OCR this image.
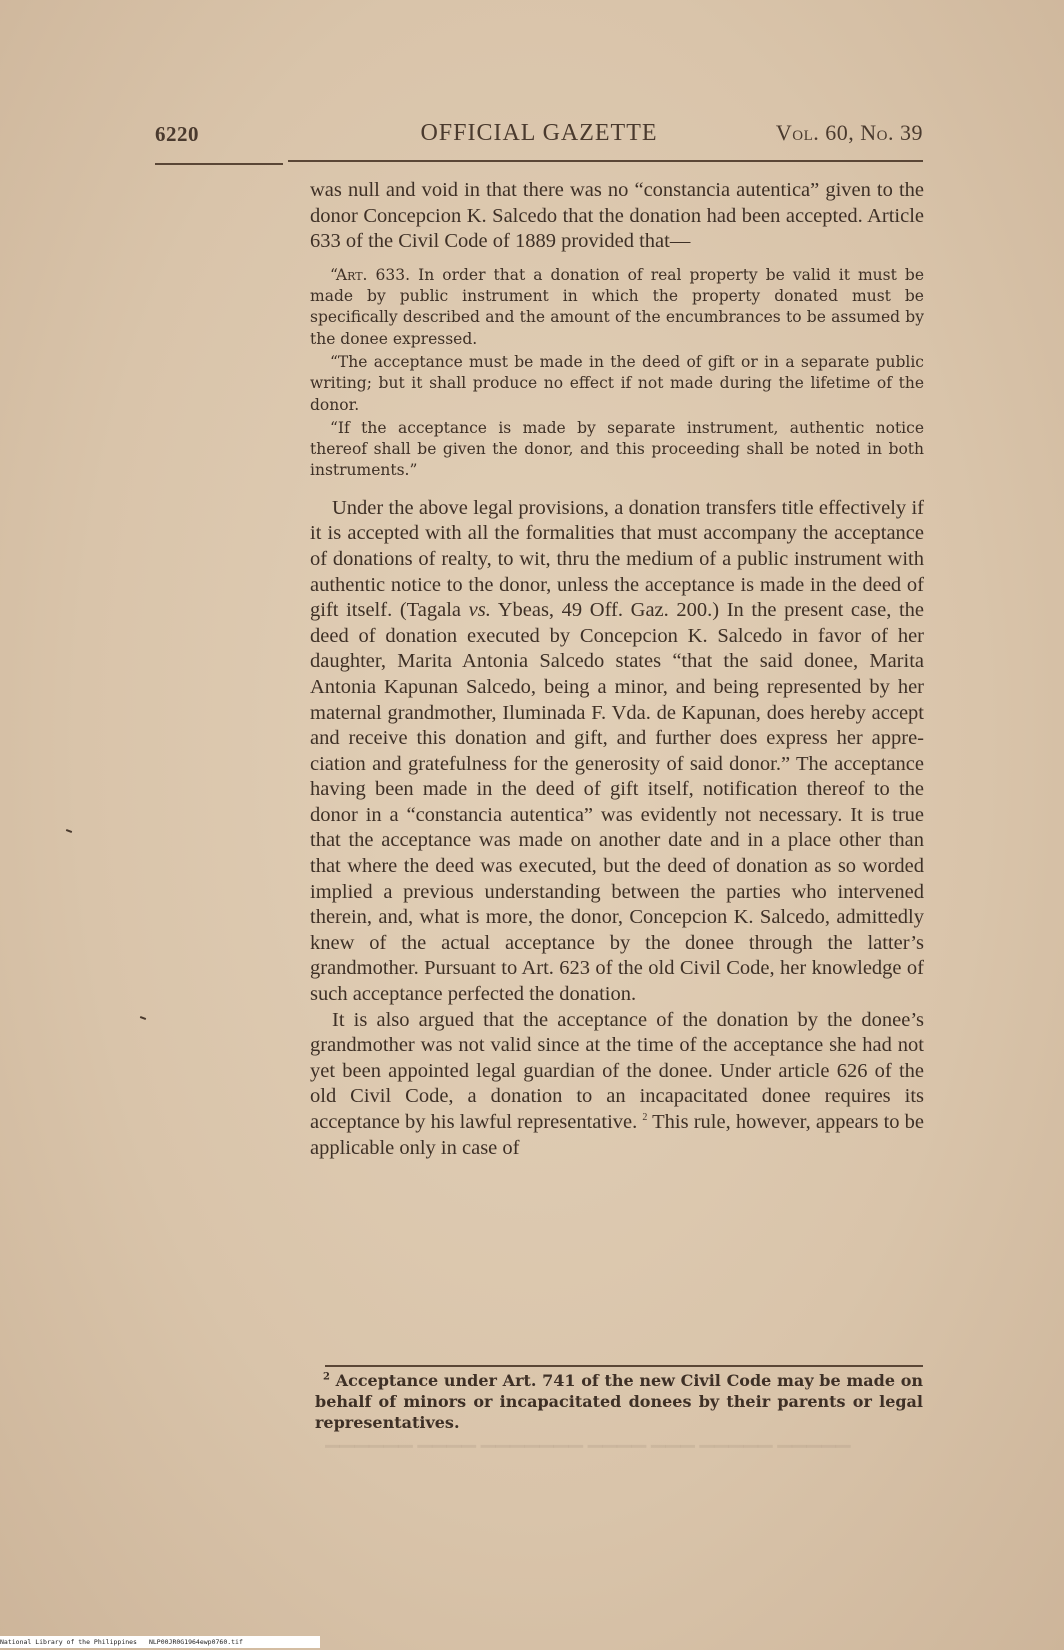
6220	OFFICIAL GAZETTE	Vol. 60, No. 39

was null and void in that there was no “constancia autentica” given to the donor Concepcion K. Salcedo that the donation had been accepted. Article 633 of the Civil Code of 1889 provided that—

“Art. 633. In order that a donation of real property be valid it must be made by public instrument in which the property donated must be specifically described and the amount of the encumbrances to be assumed by the donee expressed.

“The acceptance must be made in the deed of gift or in a separate public writing; but it shall produce no effect if not made during the lifetime of the donor.

“If the acceptance is made by separate instrument, authentic notice thereof shall be given the donor, and this proceeding shall be noted in both instruments.”

Under the above legal provisions, a donation transfers title effectively if it is accepted with all the formalities that must accompany the acceptance of donations of realty, to wit, thru the medium of a public instrument with authentic notice to the donor, unless the acceptance is made in the deed of gift itself. (Tagala vs. Ybeas, 49 Off. Gaz. 200.) In the present case, the deed of donation executed by Concepcion K. Salcedo in favor of her daughter, Marita Antonia Salcedo states “that the said donee, Marita Antonia Kapunan Salcedo, being a minor, and being represented by her maternal grandmother, Iluminada F. Vda. de Kapunan, does hereby accept and receive this donation and gift, and further does express her appreciation and gratefulness for the generosity of said donor.” The acceptance having been made in the deed of gift itself, notification thereof to the donor in a “constancia autentica” was evidently not necessary. It is true that the acceptance was made on another date and in a place other than that where the deed was executed, but the deed of donation as so worded implied a previous understanding between the parties who intervened therein, and, what is more, the donor, Concepcion K. Salcedo, admittedly knew of the actual acceptance by the donee through the latter’s grandmother. Pursuant to Art. 623 of the old Civil Code, her knowledge of such acceptance perfected the donation.

It is also argued that the acceptance of the donation by the donee’s grandmother was not valid since at the time of the acceptance she had not yet been appointed legal guardian of the donee. Under article 626 of the old Civil Code, a donation to an incapacitated donee requires its acceptance by his lawful representative. $^2$ This rule, however, appears to be applicable only in case of

$^2$ Acceptance under Art. 741 of the new Civil Code may be made on behalf of minors or incapacitated donees by their parents or legal representatives.
▁▁▁▁▁▁ ▁▁▁▁ ▁▁▁▁▁▁▁ ▁▁▁▁ ▁▁▁ ▁▁▁▁▁ ▁▁▁▁▁
National Library of the Philippines NLP00JR0G1964ewp0760.tif
